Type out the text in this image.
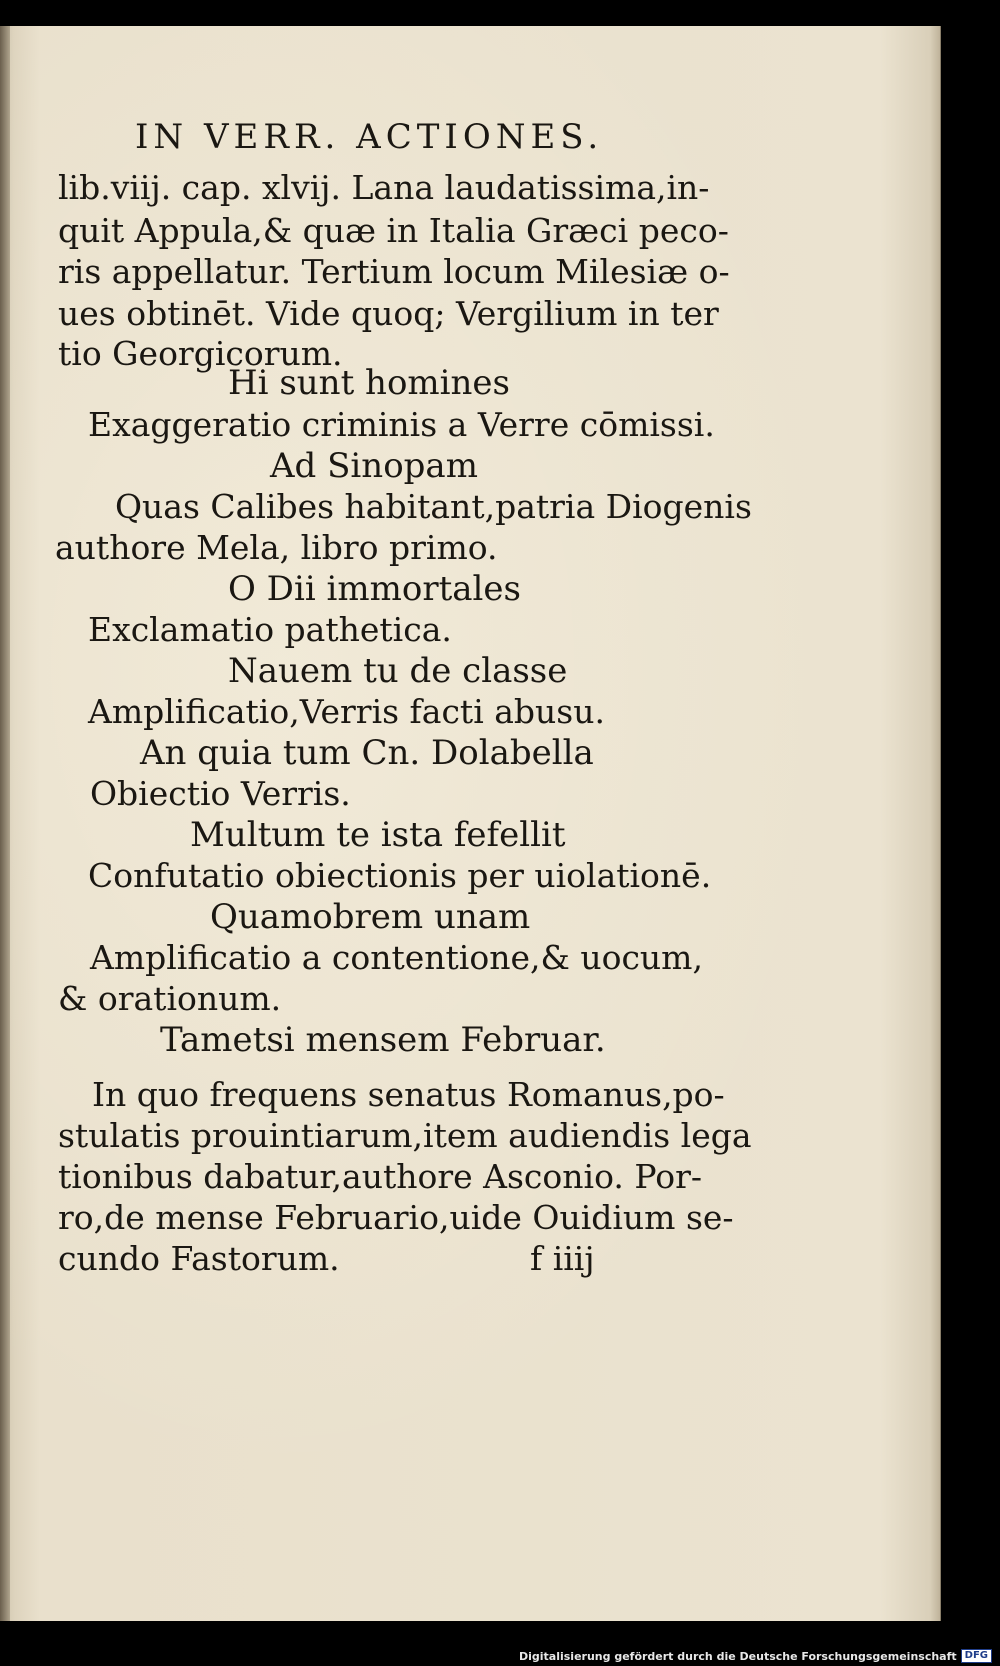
IN VERR. ACTIONES.
lib.viij. cap. xlvij. Lana laudatissima,in-
quit Appula,& quæ in Italia Græci peco-
ris appellatur. Tertium locum Milesiæ o-
ues obtinēt. Vide quoq; Vergilium in ter
tio Georgicorum.
Hi sunt homines
Exaggeratio criminis a Verre cōmissi.
Ad Sinopam
Quas Calibes habitant,patria Diogenis
authore Mela, libro primo.
O Dii immortales
Exclamatio pathetica.
Nauem tu de classe
Amplificatio,Verris facti abusu.
An quia tum Cn. Dolabella
Obiectio Verris.
Multum te ista fefellit
Confutatio obiectionis per uiolationē.
Quamobrem unam
Amplificatio a contentione,& uocum,
& orationum.
Tametsi mensem Februar.
In quo frequens senatus Romanus,po-
stulatis prouintiarum,item audiendis lega
tionibus dabatur,authore Asconio. Por-
ro,de mense Februario,uide Ouidium se-
cundo Fastorum.	f iiij
Digitalisierung gefördert durch die Deutsche Forschungsgemeinschaft DFG
